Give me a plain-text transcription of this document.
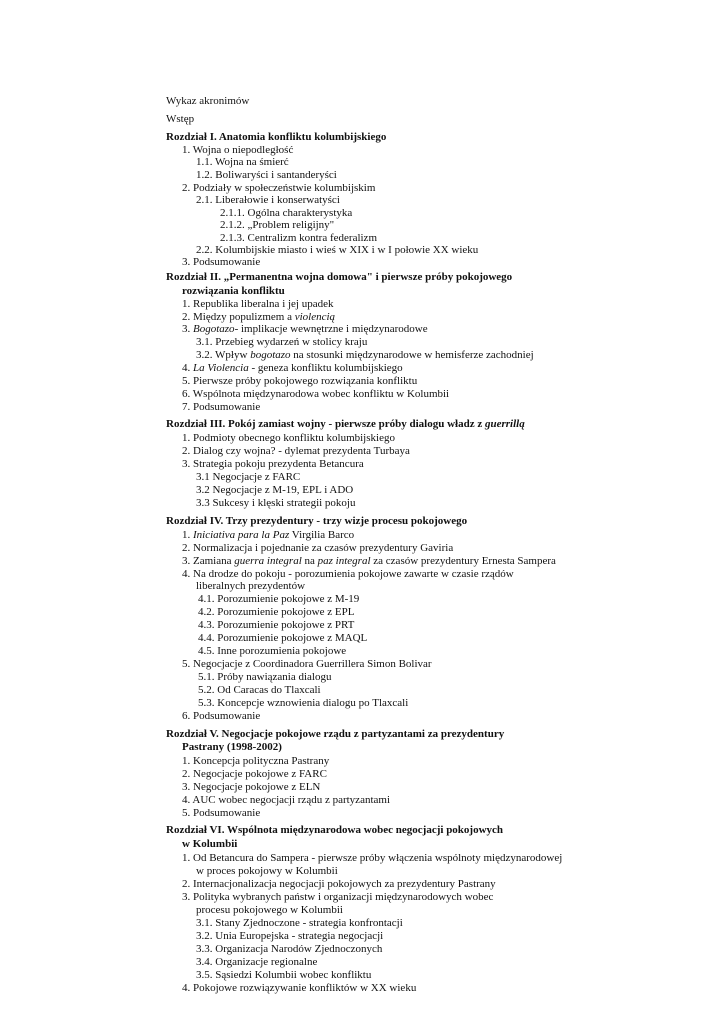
Wykaz akronimów
Wstęp
Rozdział I. Anatomia konfliktu kolumbijskiego
1. Wojna o niepodległość
1.1. Wojna na śmierć
1.2. Boliwaryści i santanderyści
2. Podziały w społeczeństwie kolumbijskim
2.1. Liberałowie i konserwatyści
2.1.1. Ogólna charakterystyka
2.1.2. „Problem religijny"
2.1.3. Centralizm kontra federalizm
2.2. Kolumbijskie miasto i wieś w XIX i w I połowie XX wieku
3. Podsumowanie
Rozdział II. „Permanentna wojna domowa" i pierwsze próby pokojowego
rozwiązania konfliktu
1. Republika liberalna i jej upadek
2. Między populizmem a violencią
3. Bogotazo- implikacje wewnętrzne i międzynarodowe
3.1. Przebieg wydarzeń w stolicy kraju
3.2. Wpływ bogotazo na stosunki międzynarodowe w hemisferze zachodniej
4. La Violencia - geneza konfliktu kolumbijskiego
5. Pierwsze próby pokojowego rozwiązania konfliktu
6. Wspólnota międzynarodowa wobec konfliktu w Kolumbii
7. Podsumowanie
Rozdział III. Pokój zamiast wojny - pierwsze próby dialogu władz z guerrillą
1. Podmioty obecnego konfliktu kolumbijskiego
2. Dialog czy wojna? - dylemat prezydenta Turbaya
3. Strategia pokoju prezydenta Betancura
3.1 Negocjacje z FARC
3.2 Negocjacje z M-19, EPL i ADO
3.3 Sukcesy i klęski strategii pokoju
Rozdział IV. Trzy prezydentury - trzy wizje procesu pokojowego
1. Iniciativa para la Paz Virgilia Barco
2. Normalizacja i pojednanie za czasów prezydentury Gaviria
3. Zamiana guerra integral na paz integral za czasów prezydentury Ernesta Sampera
4. Na drodze do pokoju - porozumienia pokojowe zawarte w czasie rządów
liberalnych prezydentów
4.1. Porozumienie pokojowe z M-19
4.2. Porozumienie pokojowe z EPL
4.3. Porozumienie pokojowe z PRT
4.4. Porozumienie pokojowe z MAQL
4.5. Inne porozumienia pokojowe
5. Negocjacje z Coordinadora Guerrillera Simon Bolivar
5.1. Próby nawiązania dialogu
5.2. Od Caracas do Tlaxcali
5.3. Koncepcje wznowienia dialogu po Tlaxcali
6. Podsumowanie
Rozdział V. Negocjacje pokojowe rządu z partyzantami za prezydentury
Pastrany (1998-2002)
1. Koncepcja polityczna Pastrany
2. Negocjacje pokojowe z FARC
3. Negocjacje pokojowe z ELN
4. AUC wobec negocjacji rządu z partyzantami
5. Podsumowanie
Rozdział VI. Wspólnota międzynarodowa wobec negocjacji pokojowych
w Kolumbii
1. Od Betancura do Sampera - pierwsze próby włączenia wspólnoty międzynarodowej
w proces pokojowy w Kolumbii
2. Internacjonalizacja negocjacji pokojowych za prezydentury Pastrany
3. Polityka wybranych państw i organizacji międzynarodowych wobec
procesu pokojowego w Kolumbii
3.1. Stany Zjednoczone - strategia konfrontacji
3.2. Unia Europejska - strategia negocjacji
3.3. Organizacja Narodów Zjednoczonych
3.4. Organizacje regionalne
3.5. Sąsiedzi Kolumbii wobec konfliktu
4. Pokojowe rozwiązywanie konfliktów w XX wieku
